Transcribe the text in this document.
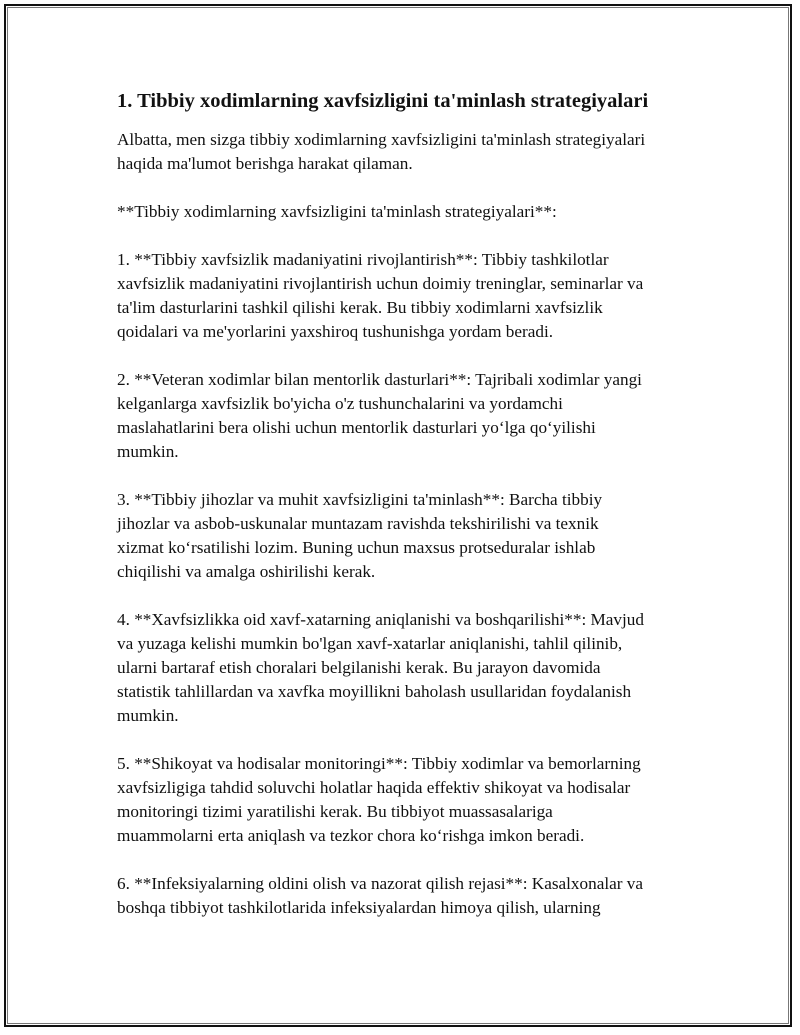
1. Tibbiy xodimlarning xavfsizligini ta'minlash strategiyalari

Albatta, men sizga tibbiy xodimlarning xavfsizligini ta'minlash strategiyalari
haqida ma'lumot berishga harakat qilaman.

**Tibbiy xodimlarning xavfsizligini ta'minlash strategiyalari**:

1. **Tibbiy xavfsizlik madaniyatini rivojlantirish**: Tibbiy tashkilotlar
xavfsizlik madaniyatini rivojlantirish uchun doimiy treninglar, seminarlar va
ta'lim dasturlarini tashkil qilishi kerak. Bu tibbiy xodimlarni xavfsizlik
qoidalari va me'yorlarini yaxshiroq tushunishga yordam beradi.

2. **Veteran xodimlar bilan mentorlik dasturlari**: Tajribali xodimlar yangi
kelganlarga xavfsizlik bo'yicha o'z tushunchalarini va yordamchi
maslahatlarini bera olishi uchun mentorlik dasturlari yo‘lga qo‘yilishi
mumkin.

3. **Tibbiy jihozlar va muhit xavfsizligini ta'minlash**: Barcha tibbiy
jihozlar va asbob-uskunalar muntazam ravishda tekshirilishi va texnik
xizmat ko‘rsatilishi lozim. Buning uchun maxsus protseduralar ishlab
chiqilishi va amalga oshirilishi kerak.

4. **Xavfsizlikka oid xavf-xatarning aniqlanishi va boshqarilishi**: Mavjud
va yuzaga kelishi mumkin bo'lgan xavf-xatarlar aniqlanishi, tahlil qilinib,
ularni bartaraf etish choralari belgilanishi kerak. Bu jarayon davomida
statistik tahlillardan va xavfka moyillikni baholash usullaridan foydalanish
mumkin.

5. **Shikoyat va hodisalar monitoringi**: Tibbiy xodimlar va bemorlarning
xavfsizligiga tahdid soluvchi holatlar haqida effektiv shikoyat va hodisalar
monitoringi tizimi yaratilishi kerak. Bu tibbiyot muassasalariga
muammolarni erta aniqlash va tezkor chora ko‘rishga imkon beradi.

6. **Infeksiyalarning oldini olish va nazorat qilish rejasi**: Kasalxonalar va
boshqa tibbiyot tashkilotlarida infeksiyalardan himoya qilish, ularning
